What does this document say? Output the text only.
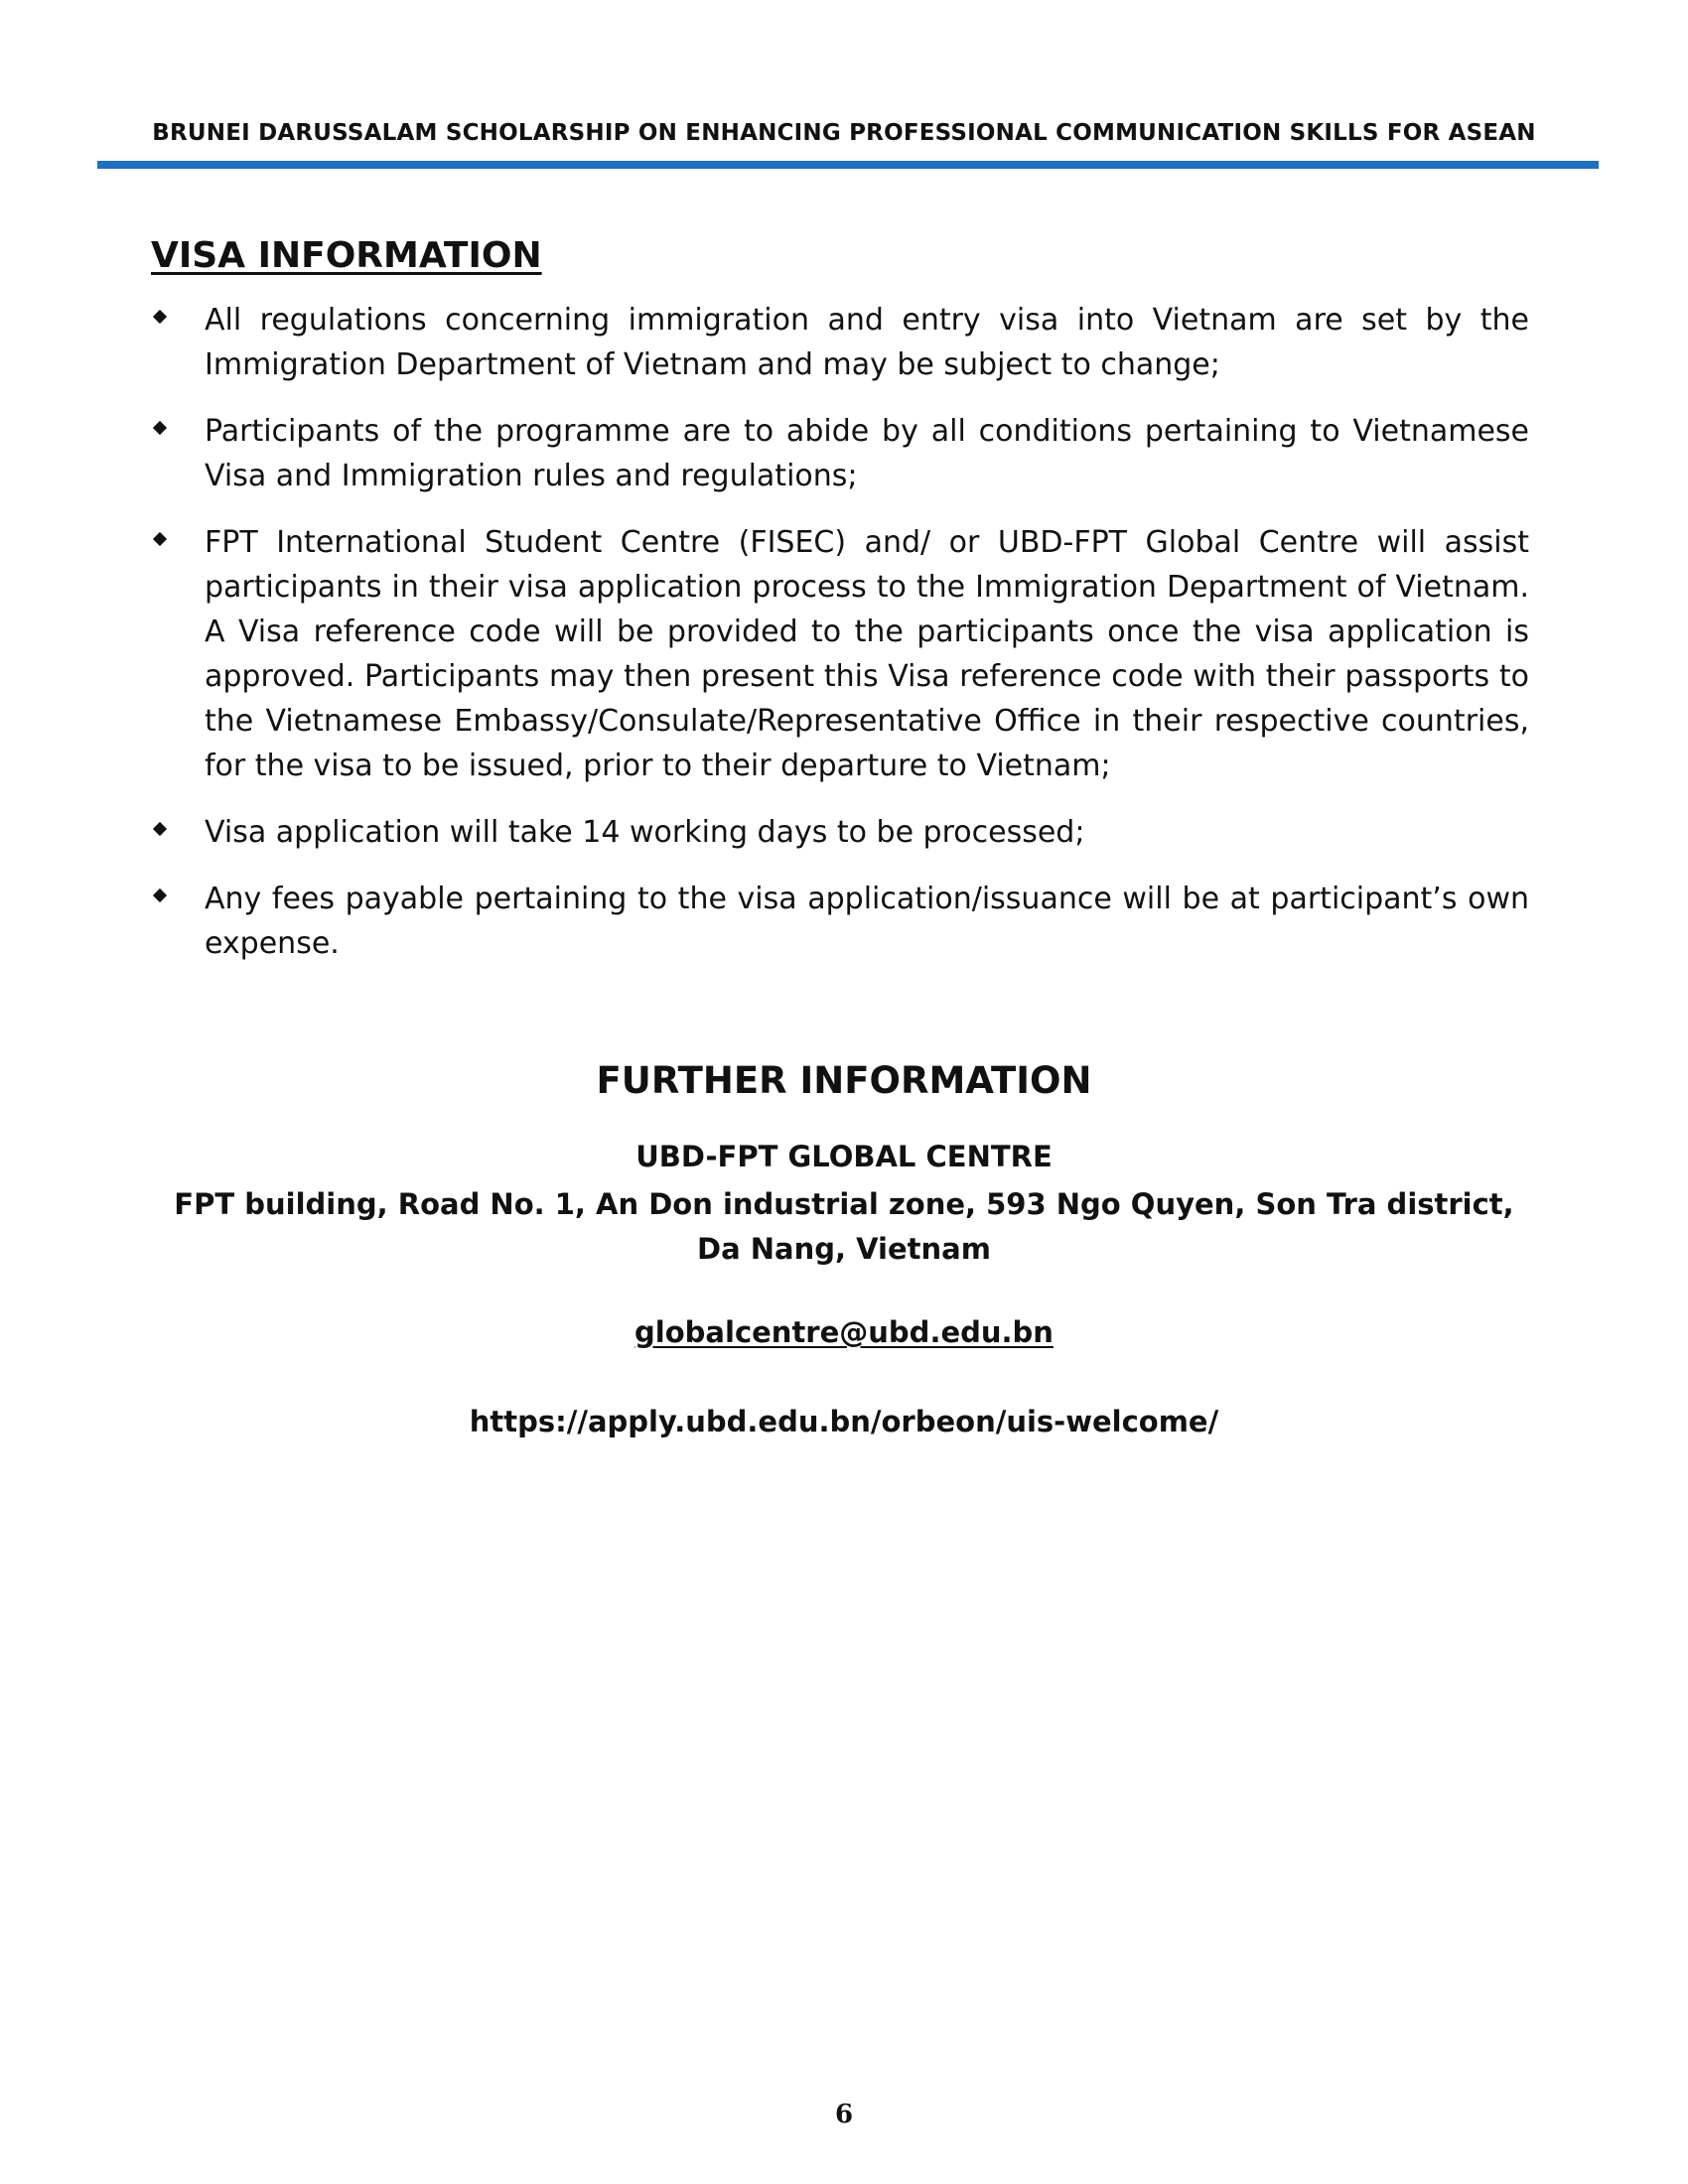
BRUNEI DARUSSALAM SCHOLARSHIP ON ENHANCING PROFESSIONAL COMMUNICATION SKILLS FOR ASEAN
VISA INFORMATION
All regulations concerning immigration and entry visa into Vietnam are set by the Immigration Department of Vietnam and may be subject to change;
Participants of the programme are to abide by all conditions pertaining to Vietnamese Visa and Immigration rules and regulations;
FPT International Student Centre (FISEC) and/ or UBD-FPT Global Centre will assist participants in their visa application process to the Immigration Department of Vietnam. A Visa reference code will be provided to the participants once the visa application is approved. Participants may then present this Visa reference code with their passports to the Vietnamese Embassy/Consulate/Representative Office in their respective countries, for the visa to be issued, prior to their departure to Vietnam;
Visa application will take 14 working days to be processed;
Any fees payable pertaining to the visa application/issuance will be at participant’s own expense.
FURTHER INFORMATION
UBD-FPT GLOBAL CENTRE
FPT building, Road No. 1, An Don industrial zone, 593 Ngo Quyen, Son Tra district, Da Nang, Vietnam
globalcentre@ubd.edu.bn
https://apply.ubd.edu.bn/orbeon/uis-welcome/
6
